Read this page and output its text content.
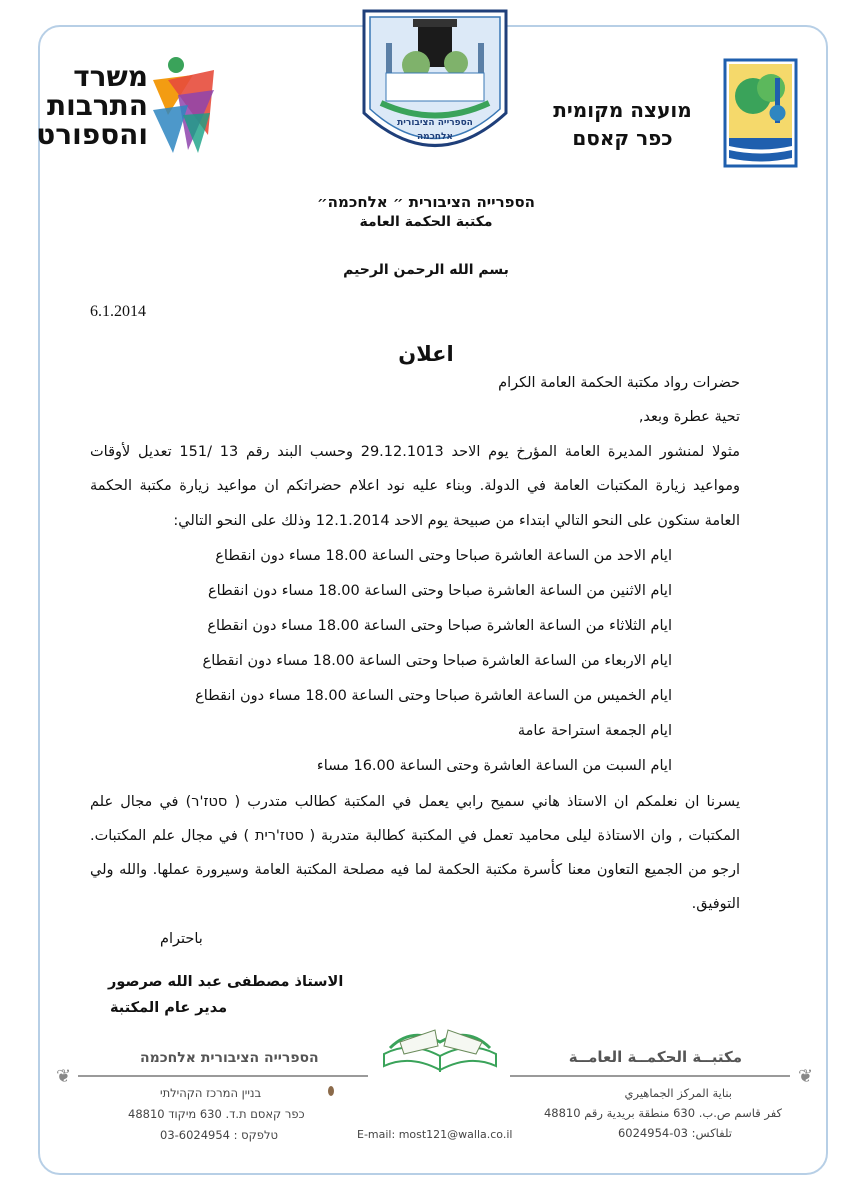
משרד
התרבות
והספורט	הספרייה הציבורית
אלחכמה
מועצה מקומית
כפר קאסם
הספרייה הציבורית ״ אלחכמה״
مكتبة الحكمة العامة
بسم الله الرحمن الرحيم
6.1.2014
اعلان
حضرات رواد مكتبة الحكمة العامة الكرام
تحية عطرة وبعد,
مثولا لمنشور المديرة العامة المؤرخ يوم الاحد 29.12.1013 وحسب البند رقم 13 /151 تعديل لأوقات
ومواعيد زيارة المكتبات العامة في الدولة. وبناء عليه نود اعلام حضراتكم ان مواعيد زيارة مكتبة الحكمة
العامة ستكون على النحو التالي ابتداء من صبيحة يوم الاحد 12.1.2014 وذلك على النحو التالي:
ايام الاحد من الساعة العاشرة صباحا وحتى الساعة 18.00 مساء دون انقطاع
ايام الاثنين من الساعة العاشرة صباحا وحتى الساعة 18.00 مساء دون انقطاع
ايام الثلاثاء من الساعة العاشرة صباحا وحتى الساعة 18.00 مساء دون انقطاع
ايام الاربعاء من الساعة العاشرة صباحا وحتى الساعة 18.00 مساء دون انقطاع
ايام الخميس من الساعة العاشرة صباحا وحتى الساعة 18.00 مساء دون انقطاع
ايام الجمعة استراحة عامة
ايام السبت من الساعة العاشرة وحتى الساعة 16.00 مساء
يسرنا ان نعلمكم ان الاستاذ هاني سميح رابي يعمل في المكتبة كطالب متدرب ( סטז'ר) في مجال علم
المكتبات , وان الاستاذة ليلى محاميد تعمل في المكتبة كطالبة متدربة ( סטז'רית ) في مجال علم المكتبات.
ارجو من الجميع التعاون معنا كأسرة مكتبة الحكمة لما فيه مصلحة المكتبة العامة وسيرورة عملها. والله ولي
التوفيق.
باحترام
الاستاذ مصطفى عبد الله صرصور
مدير عام المكتبة
הספרייה הציבורית אלחכמה	مكتبــة الحكمــة العامــة
❦	❦
בניין המרכז הקהילתי
כפר קאסם ת.ד. 630 מיקוד 48810
טלפקס : 03-6024954
بناية المركز الجماهيري
كفر قاسم ص.ب. 630 منطقة بريدية رقم 48810
تلفاكس: 03-6024954
E-mail: most121@walla.co.il
